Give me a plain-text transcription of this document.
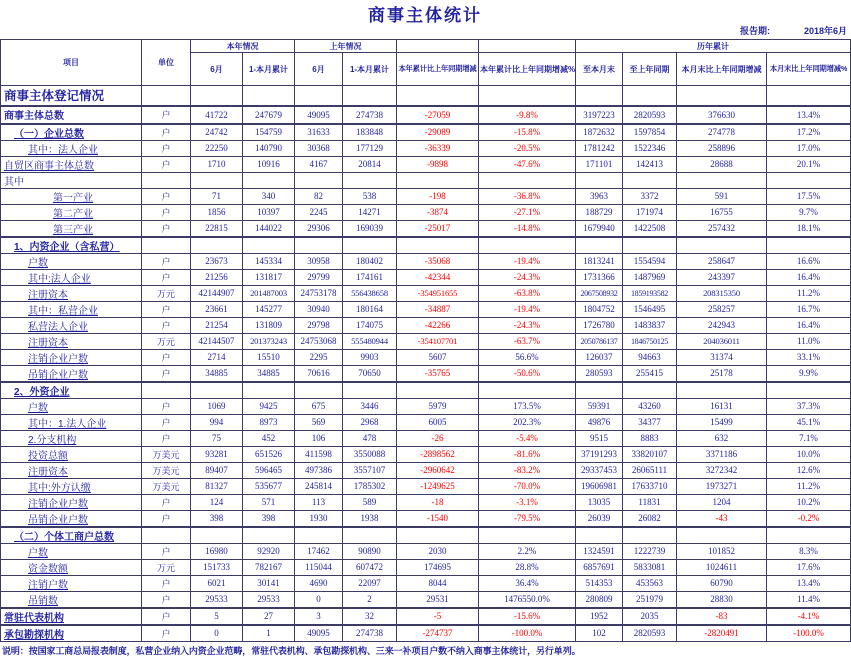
商事主体统计
报告期:	2018年6月
项目	单位	本年情况		上年情况				历年累计			
		6月	1-本月累计	6月	1-本月累计	本年累计比上年同期增减	本年累计比上年同期增减%	至本月末	至上年同期	本月末比上年同期增减	本月末比上年同期增减%
商事主体登记情况											
商事主体总数	户	41722	247679	49095	274738	-27059	-9.8%	3197223	2820593	376630	13.4%
（一）企业总数	户	24742	154759	31633	183848	-29089	-15.8%	1872632	1597854	274778	17.2%
其中：法人企业	户	22250	140790	30368	177129	-36339	-20.5%	1781242	1522346	258896	17.0%
自贸区商事主体总数	户	1710	10916	4167	20814	-9898	-47.6%	171101	142413	28688	20.1%
其中											
第一产业	户	71	340	82	538	-198	-36.8%	3963	3372	591	17.5%
第二产业	户	1856	10397	2245	14271	-3874	-27.1%	188729	171974	16755	9.7%
第三产业	户	22815	144022	29306	169039	-25017	-14.8%	1679940	1422508	257432	18.1%
1、内资企业（含私营）											
户数	户	23673	145334	30958	180402	-35068	-19.4%	1813241	1554594	258647	16.6%
其中:法人企业	户	21256	131817	29799	174161	-42344	-24.3%	1731366	1487969	243397	16.4%
注册资本	万元	42144907	201487003	24753178	556438658	-354951655	-63.8%	2067508932	1859193582	208315350	11.2%
其中：私营企业	户	23661	145277	30940	180164	-34887	-19.4%	1804752	1546495	258257	16.7%
私营法人企业	户	21254	131809	29798	174075	-42266	-24.3%	1726780	1483837	242943	16.4%
注册资本	万元	42144507	201373243	24753068	555480944	-354107701	-63.7%	2050786137	1846750125	204036011	11.0%
注销企业户数	户	2714	15510	2295	9903	5607	56.6%	126037	94663	31374	33.1%
吊销企业户数	户	34885	34885	70616	70650	-35765	-50.6%	280593	255415	25178	9.9%
2、外资企业											
户数	户	1069	9425	675	3446	5979	173.5%	59391	43260	16131	37.3%
其中：1.法人企业	户	994	8973	569	2968	6005	202.3%	49876	34377	15499	45.1%
2.分支机构	户	75	452	106	478	-26	-5.4%	9515	8883	632	7.1%
投资总额	万美元	93281	651526	411598	3550088	-2898562	-81.6%	37191293	33820107	3371186	10.0%
注册资本	万美元	89407	596465	497386	3557107	-2960642	-83.2%	29337453	26065111	3272342	12.6%
其中:外方认缴	万美元	81327	535677	245814	1785302	-1249625	-70.0%	19606981	17633710	1973271	11.2%
注销企业户数	户	124	571	113	589	-18	-3.1%	13035	11831	1204	10.2%
吊销企业户数	户	398	398	1930	1938	-1540	-79.5%	26039	26082	-43	-0.2%
（二）个体工商户总数											
户数	户	16980	92920	17462	90890	2030	2.2%	1324591	1222739	101852	8.3%
资金数额	万元	151733	782167	115044	607472	174695	28.8%	6857691	5833081	1024611	17.6%
注销户数	户	6021	30141	4690	22097	8044	36.4%	514353	453563	60790	13.4%
吊销数	户	29533	29533	0	2	29531	1476550.0%	280809	251979	28830	11.4%
常驻代表机构	户	5	27	3	32	-5	-15.6%	1952	2035	-83	-4.1%
承包勘探机构	户	0	1	49095	274738	-274737	-100.0%	102	2820593	-2820491	-100.0%
说明：按国家工商总局报表制度，私营企业纳入内资企业范畴，常驻代表机构、承包勘探机构、三来一补项目户数不纳入商事主体统计，另行单列。
